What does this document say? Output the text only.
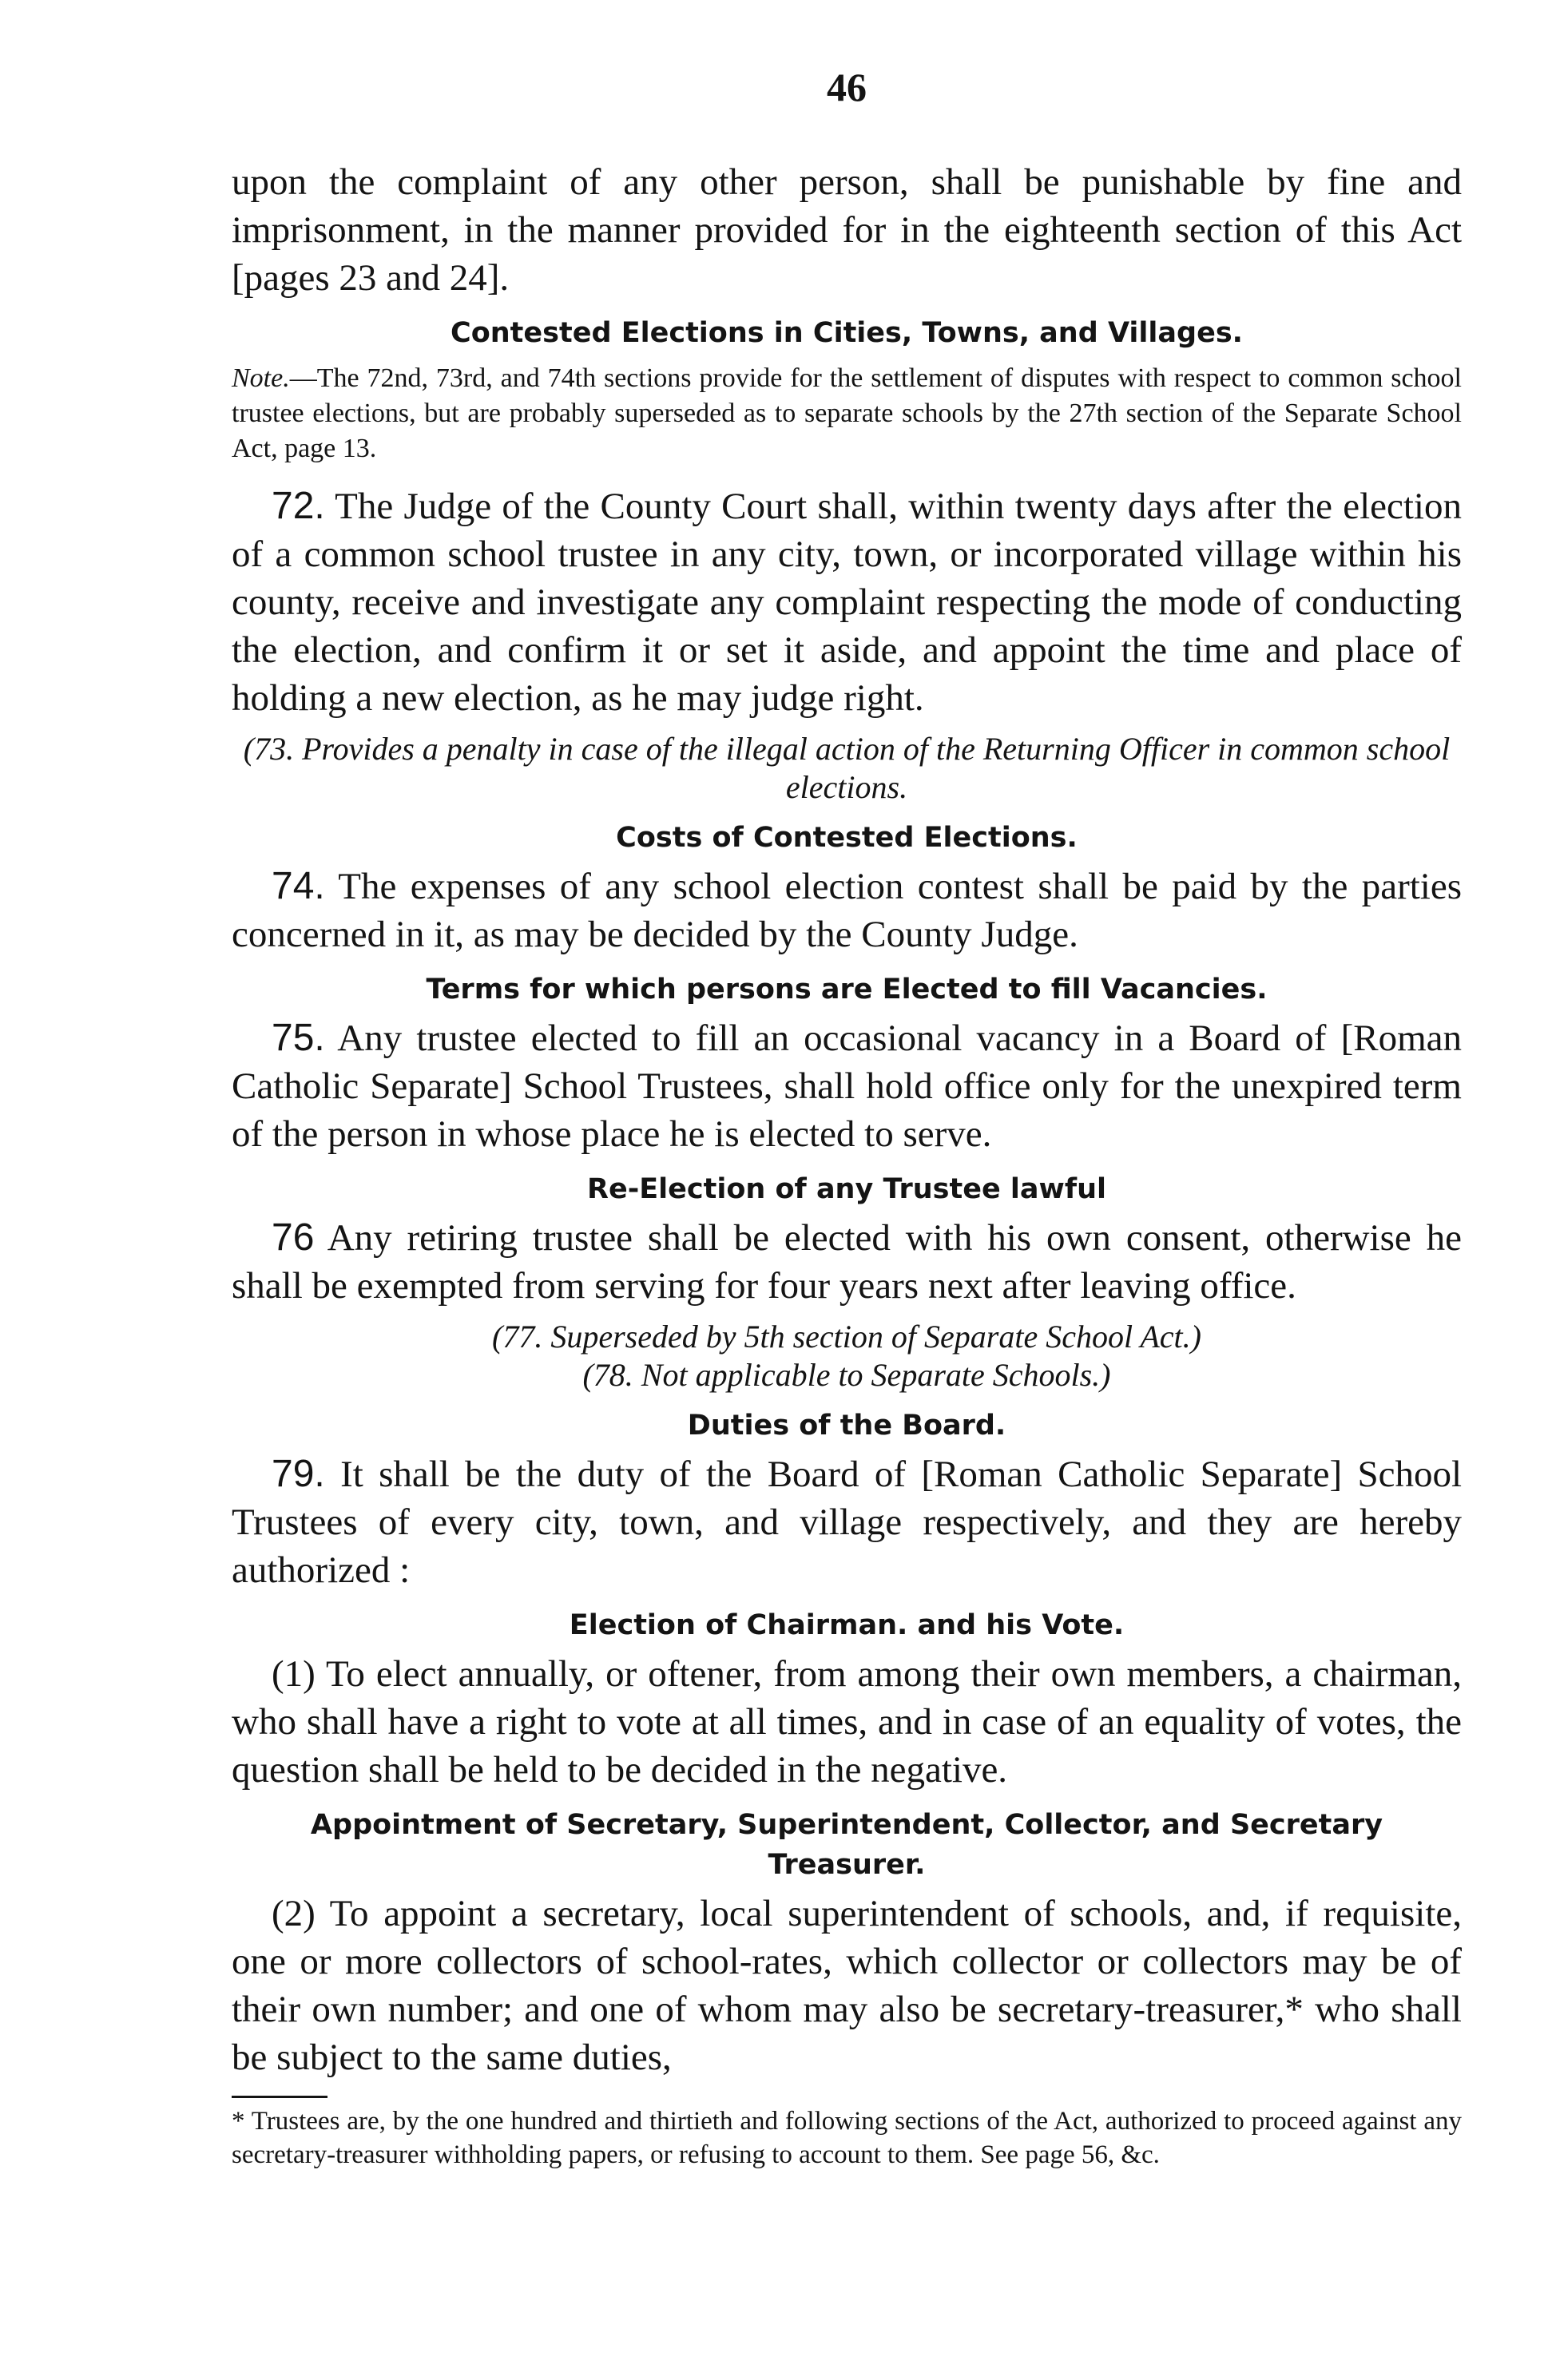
46

upon the complaint of any other person, shall be punishable by fine and imprisonment, in the manner provided for in the eighteenth section of this Act [pages 23 and 24].

Contested Elections in Cities, Towns, and Villages.

Note.—The 72nd, 73rd, and 74th sections provide for the settlement of disputes with respect to common school trustee elections, but are probably superseded as to separate schools by the 27th section of the Separate School Act, page 13.

72. The Judge of the County Court shall, within twenty days after the election of a common school trustee in any city, town, or incorporated village within his county, receive and investigate any complaint respecting the mode of conducting the election, and confirm it or set it aside, and appoint the time and place of holding a new election, as he may judge right.

(73. Provides a penalty in case of the illegal action of the Returning Officer in common school elections.

Costs of Contested Elections.

74. The expenses of any school election contest shall be paid by the parties concerned in it, as may be decided by the County Judge.

Terms for which persons are Elected to fill Vacancies.

75. Any trustee elected to fill an occasional vacancy in a Board of [Roman Catholic Separate] School Trustees, shall hold office only for the unexpired term of the person in whose place he is elected to serve.

Re-Election of any Trustee lawful

76 Any retiring trustee shall be elected with his own consent, otherwise he shall be exempted from serving for four years next after leaving office.

(77. Superseded by 5th section of Separate School Act.)

(78. Not applicable to Separate Schools.)

Duties of the Board.

79. It shall be the duty of the Board of [Roman Catholic Separate] School Trustees of every city, town, and village respectively, and they are hereby authorized :

Election of Chairman. and his Vote.

(1) To elect annually, or oftener, from among their own members, a chairman, who shall have a right to vote at all times, and in case of an equality of votes, the question shall be held to be decided in the negative.

Appointment of Secretary, Superintendent, Collector, and Secretary Treasurer.

(2) To appoint a secretary, local superintendent of schools, and, if requisite, one or more collectors of school-rates, which collector or collectors may be of their own number; and one of whom may also be secretary-treasurer,* who shall be subject to the same duties,

* Trustees are, by the one hundred and thirtieth and following sections of the Act, authorized to proceed against any secretary-treasurer withholding papers, or refusing to account to them. See page 56, &c.
